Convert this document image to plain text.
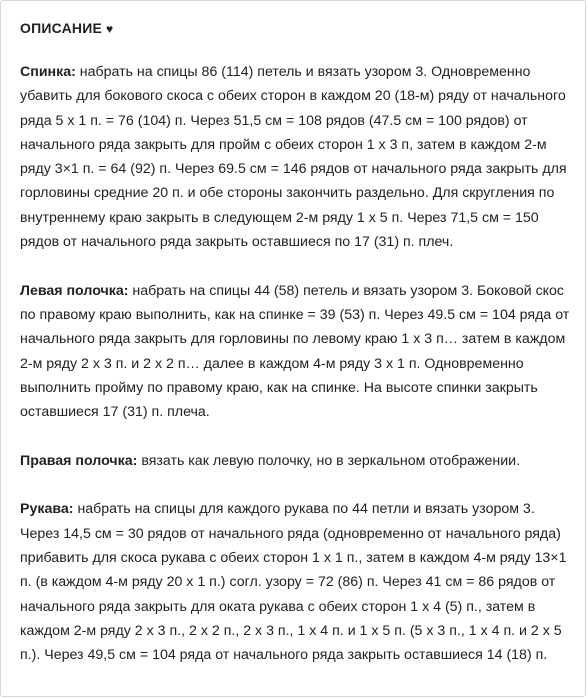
ОПИСАНИЕ ♥

Спинка: набрать на спицы 86 (114) петель и вязать узором 3. Одновременно убавить для бокового скоса с обеих сторон в каждом 20 (18-м) ряду от начального ряда 5 х 1 п. = 76 (104) п. Через 51,5 см = 108 рядов (47.5 см = 100 рядов) от начального ряда закрыть для пройм с обеих сторон 1 х 3 п, затем в каждом 2-м ряду 3×1 п. = 64 (92) п. Через 69.5 см = 146 рядов от начального ряда закрыть для горловины средние 20 п. и обе стороны закончить раздельно. Для скругления по внутреннему краю закрыть в следующем 2-м ряду 1 х 5 п. Через 71,5 см = 150 рядов от начального ряда закрыть оставшиеся по 17 (31) п. плеч.

Левая полочка: набрать на спицы 44 (58) петель и вязать узором 3. Боковой скос по правому краю выполнить, как на спинке = 39 (53) п. Через 49.5 см = 104 ряда от начального ряда закрыть для горловины по левому краю 1 х 3 п… затем в каждом 2-м ряду 2 х 3 п. и 2 х 2 п… далее в каждом 4-м ряду 3 х 1 п. Одновременно выполнить пройму по правому краю, как на спинке. На высоте спинки закрыть оставшиеся 17 (31) п. плеча.

Правая полочка: вязать как левую полочку, но в зеркальном отображении.

Рукава: набрать на спицы для каждого рукава по 44 петли и вязать узором 3. Через 14,5 см = 30 рядов от начального ряда (одновременно от начального ряда) прибавить для скоса рукава с обеих сторон 1 х 1 п., затем в каждом 4-м ряду 13×1 п. (в каждом 4-м ряду 20 х 1 п.) согл. узору = 72 (86) п. Через 41 см = 86 рядов от начального ряда закрыть для оката рукава с обеих сторон 1 х 4 (5) п., затем в каждом 2-м ряду 2 х 3 п., 2 х 2 п., 2 х 3 п., 1 х 4 п. и 1 х 5 п. (5 х 3 п., 1 х 4 п. и 2 х 5 п.). Через 49,5 см = 104 ряда от начального ряда закрыть оставшиеся 14 (18) п.
